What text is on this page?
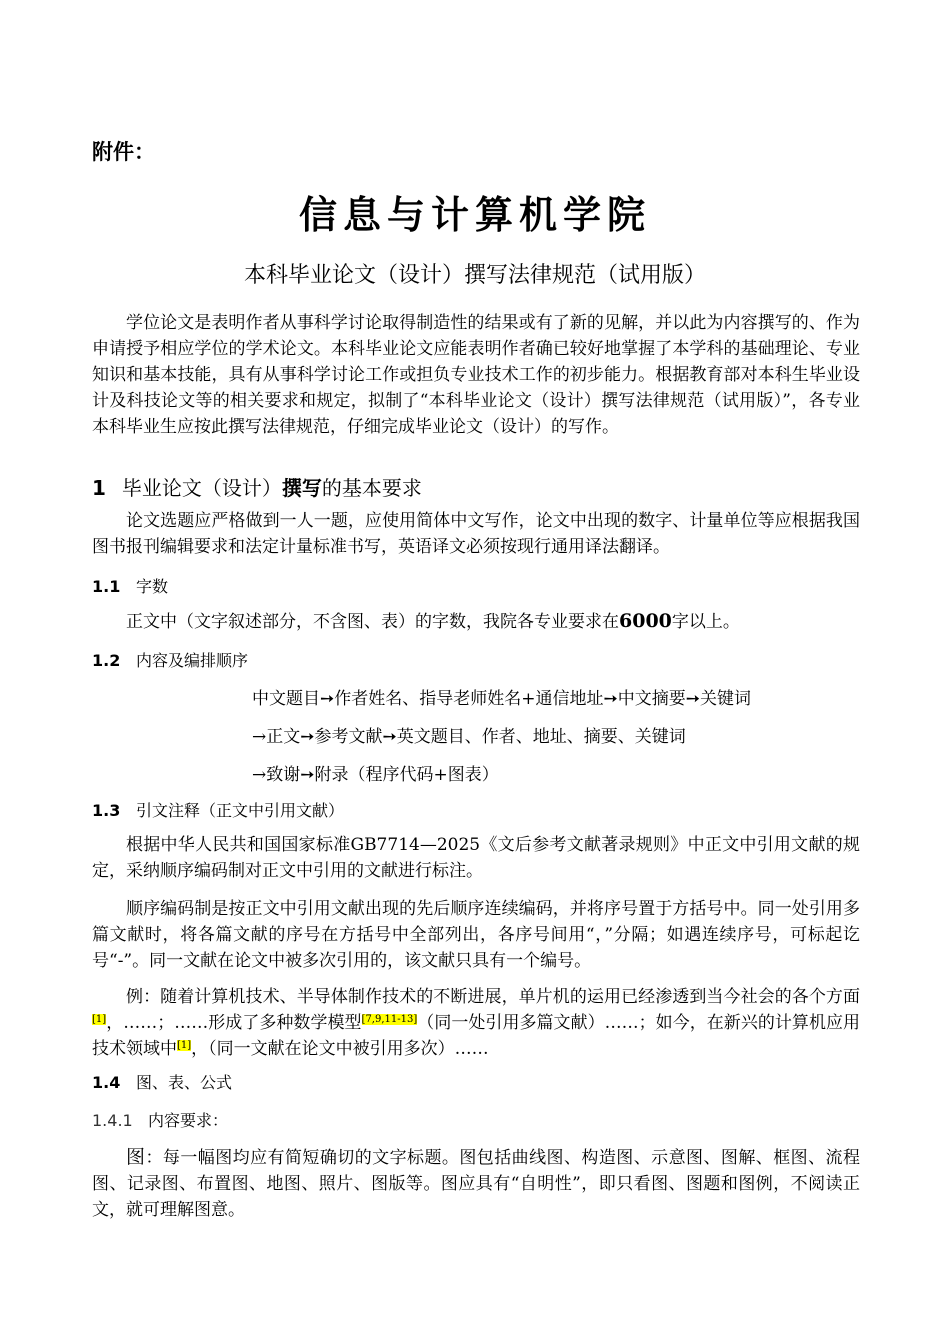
附件：
信息与计算机学院
本科毕业论文（设计）撰写法律规范（试用版）

学位论文是表明作者从事科学讨论取得制造性的结果或有了新的见解，并以此为内容撰写的、作为申请授予相应学位的学术论文。本科毕业论文应能表明作者确已较好地掌握了本学科的基础理论、专业知识和基本技能，具有从事科学讨论工作或担负专业技术工作的初步能力。根据教育部对本科生毕业设计及科技论文等的相关要求和规定，拟制了“本科毕业论文（设计）撰写法律规范（试用版）”，各专业本科毕业生应按此撰写法律规范，仔细完成毕业论文（设计）的写作。

1 毕业论文（设计）撰写的基本要求

论文选题应严格做到一人一题，应使用简体中文写作，论文中出现的数字、计量单位等应根据我国图书报刊编辑要求和法定计量标准书写，英语译文必须按现行通用译法翻译。

1.1 字数

正文中（文字叙述部分，不含图、表）的字数，我院各专业要求在6000字以上。

1.2 内容及编排顺序
中文题目➙作者姓名、指导老师姓名+通信地址➙中文摘要➙关键词
→正文➙参考文献➙英文题目、作者、地址、摘要、关键词
→致谢➙附录（程序代码+图表）
1.3 引文注释（正文中引用文献）

根据中华人民共和国国家标准GB7714—2025《文后参考文献著录规则》中正文中引用文献的规定，采纳顺序编码制对正文中引用的文献进行标注。

顺序编码制是按正文中引用文献出现的先后顺序连续编码，并将序号置于方括号中。同一处引用多篇文献时，将各篇文献的序号在方括号中全部列出，各序号间用“，”分隔；如遇连续序号，可标起讫号“-”。同一文献在论文中被多次引用的，该文献只具有一个编号。

例：随着计算机技术、半导体制作技术的不断进展，单片机的运用已经渗透到当今社会的各个方面[1]，……；……形成了多种数学模型[7,9,11-13]（同一处引用多篇文献）……；如今，在新兴的计算机应用技术领域中[1]，（同一文献在论文中被引用多次）……

1.4 图、表、公式
1.4.1 内容要求：

图：每一幅图均应有简短确切的文字标题。图包括曲线图、构造图、示意图、图解、框图、流程图、记录图、布置图、地图、照片、图版等。图应具有“自明性”，即只看图、图题和图例，不阅读正文，就可理解图意。
